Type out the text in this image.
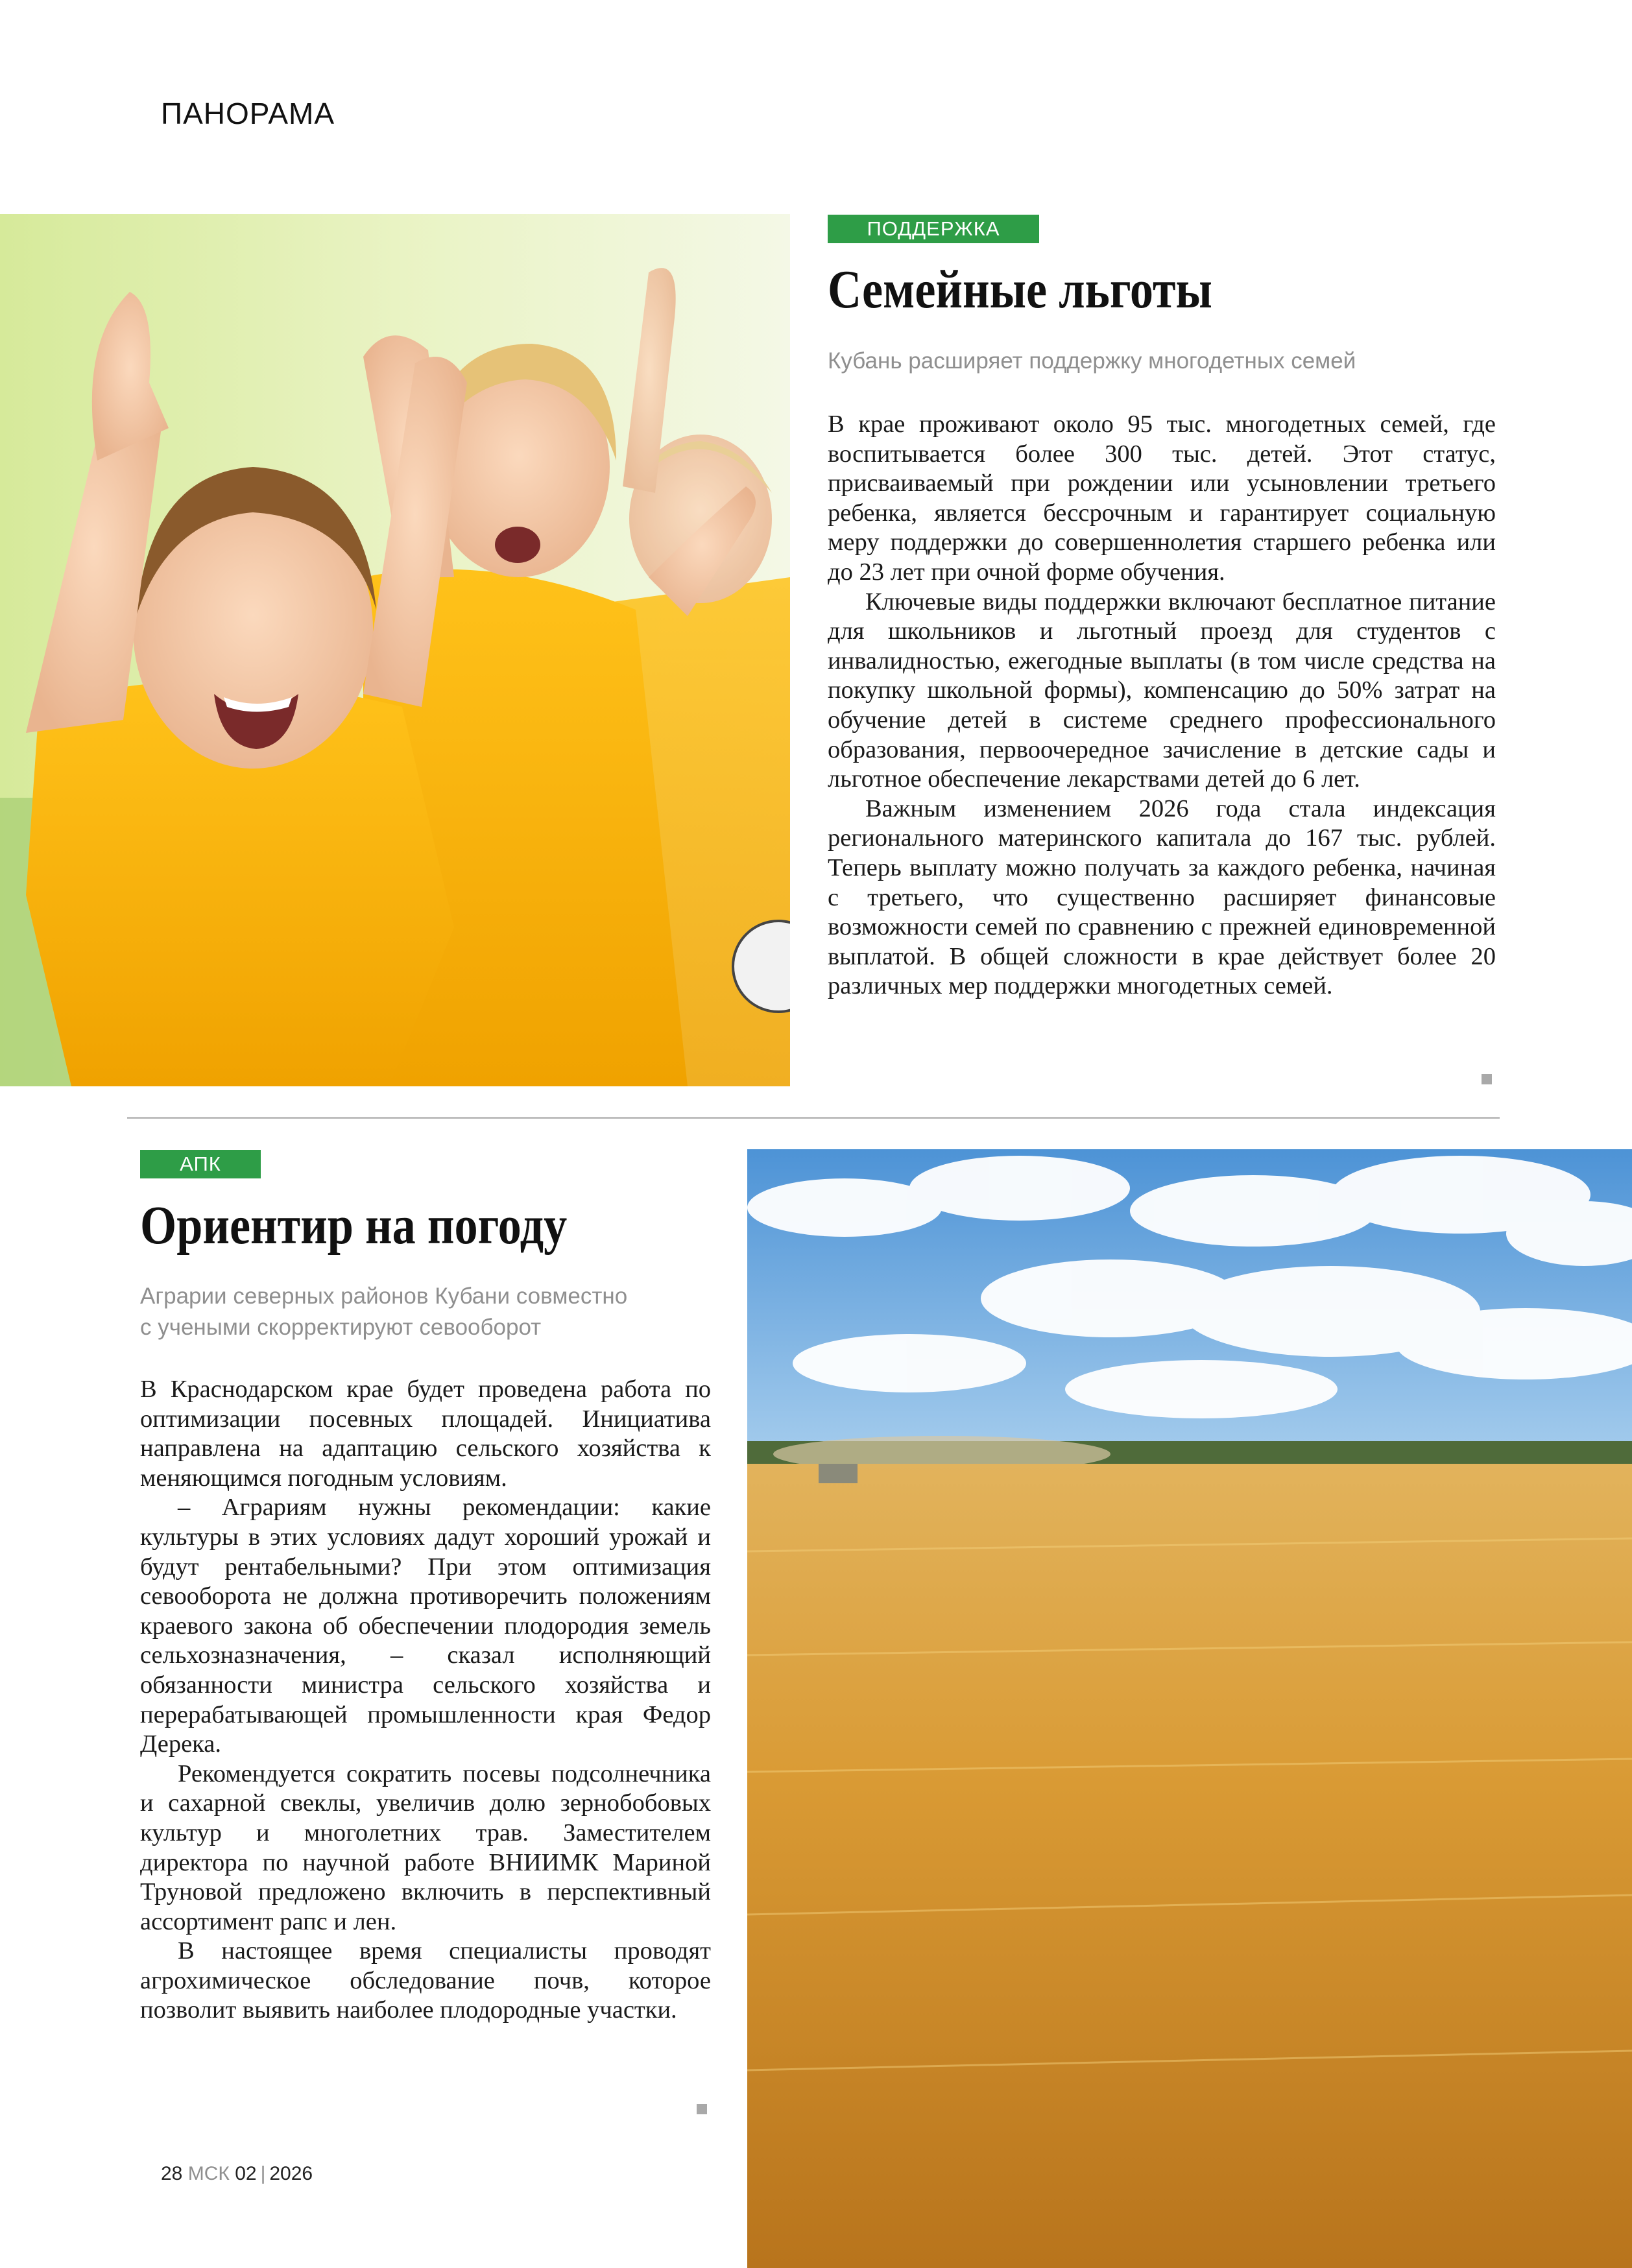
ПАНОРАМА
ПОДДЕРЖКА
Семейные льготы

Кубань расширяет поддержку многодетных семей

В крае проживают около 95 тыс. многодетных семей, где воспитывается более 300 тыс. детей. Этот статус, присваиваемый при рождении или усыновлении третьего ребенка, является бессрочным и гарантирует социальную меру поддержки до совершеннолетия старшего ребенка или до 23 лет при очной форме обучения.

Ключевые виды поддержки включают бесплатное питание для школьников и льготный проезд для студентов с инвалидностью, ежегодные выплаты (в том числе средства на покупку школьной формы), компенсацию до 50% затрат на обучение детей в системе среднего профессионального образования, первоочередное зачисление в детские сады и льготное обеспечение лекарствами детей до 6 лет.

Важным изменением 2026 года стала индексация регионального материнского капитала до 167 тыс. рублей. Теперь выплату можно получать за каждого ребенка, начиная с третьего, что существенно расширяет финансовые возможности семей по сравнению с прежней единовременной выплатой. В общей сложности в крае действует более 20 различных мер поддержки многодетных семей.

АПК
Ориентир на погоду

Аграрии северных районов Кубани совместно
с учеными скорректируют севооборот

В Краснодарском крае будет проведена работа по оптимизации посевных площадей. Инициатива направлена на адаптацию сельского хозяйства к меняющимся погодным условиям.

– Аграриям нужны рекомендации: какие культуры в этих условиях дадут хороший урожай и будут рентабельными? При этом оптимизация севооборота не должна противоречить положениям краевого закона об обеспечении плодородия земель сельхозназначения, – сказал исполняющий обязанности министра сельского хозяйства и перерабатывающей промышленности края Федор Дерека.

Рекомендуется сократить посевы подсолнечника и сахарной свеклы, увеличив долю зернобобовых культур и многолетних трав. Заместителем директора по научной работе ВНИИМК Мариной Труновой предложено включить в перспективный ассортимент рапс и лен.

В настоящее время специалисты проводят агрохимическое обследование почв, которое позволит выявить наиболее плодородные участки.

28 МСК 02 | 2026
